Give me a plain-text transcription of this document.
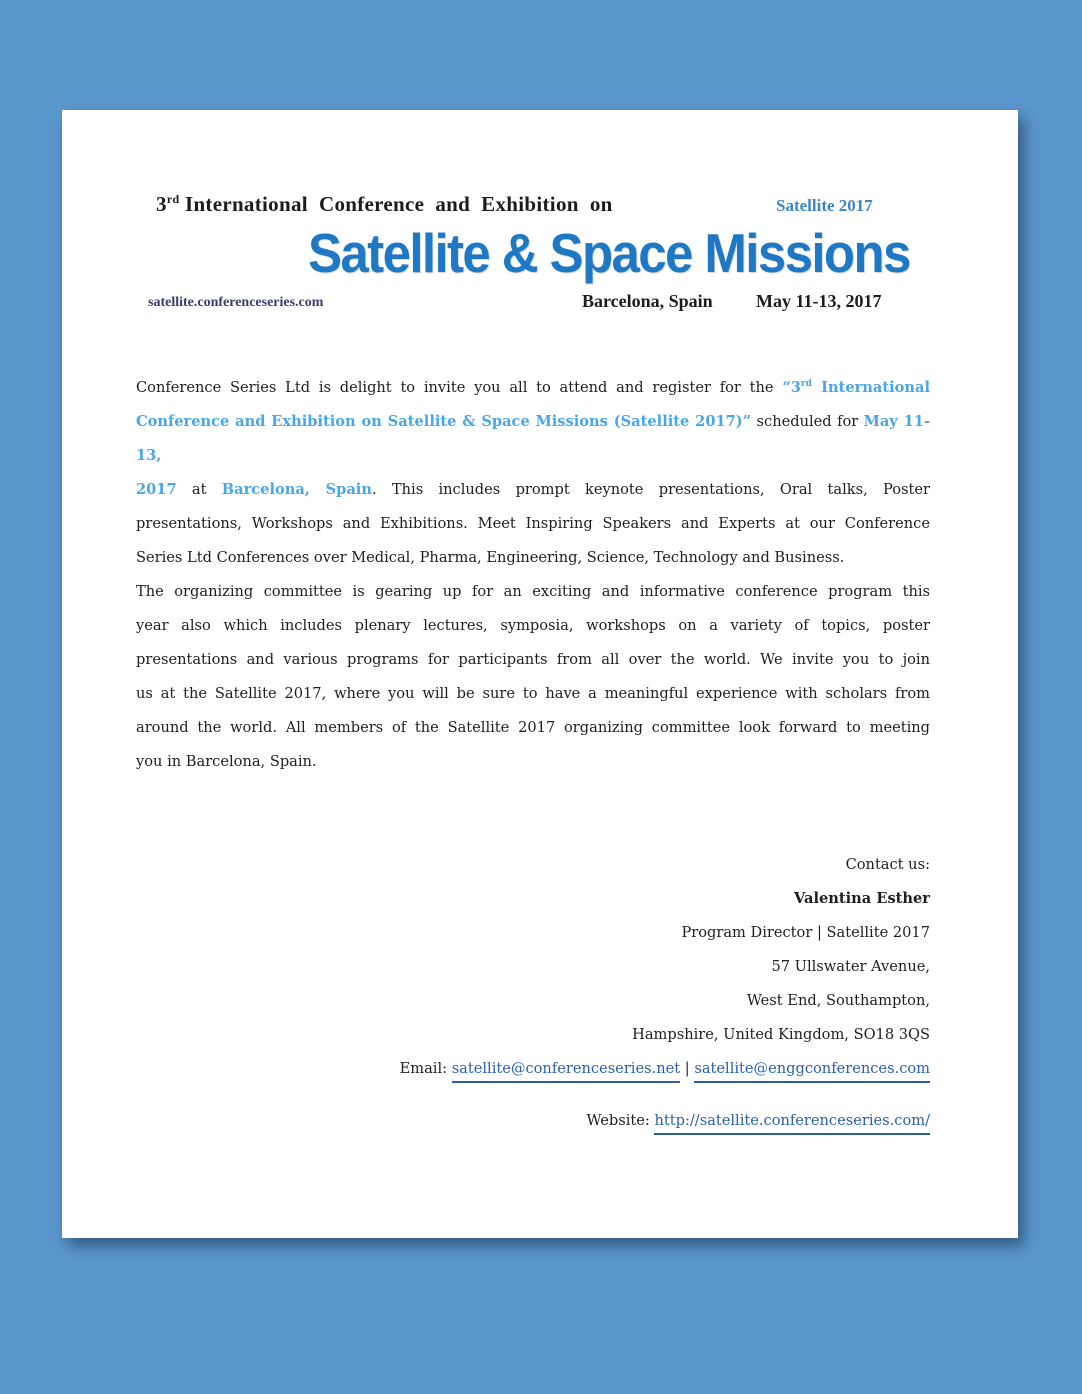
3rd International  Conference  and  Exhibition  on	Satellite 2017
Satellite & Space Missions
satellite.conferenceseries.com	Barcelona, Spain May 11-13, 2017
Conference Series Ltd is delight to invite you all to attend and register for the “3rd International
Conference and Exhibition on Satellite & Space Missions (Satellite 2017)” scheduled for May 11-13,
2017 at Barcelona, Spain. This includes prompt keynote presentations, Oral talks, Poster
presentations, Workshops and Exhibitions. Meet Inspiring Speakers and Experts at our Conference
Series Ltd Conferences over Medical, Pharma, Engineering, Science, Technology and Business.
The organizing committee is gearing up for an exciting and informative conference program this
year also which includes plenary lectures, symposia, workshops on a variety of topics, poster
presentations and various programs for participants from all over the world. We invite you to join
us at the Satellite 2017, where you will be sure to have a meaningful experience with scholars from
around the world. All members of the Satellite 2017 organizing committee look forward to meeting
you in Barcelona, Spain.
Contact us:
Valentina Esther
Program Director | Satellite 2017
57 Ullswater Avenue,
West End, Southampton,
Hampshire, United Kingdom, SO18 3QS
Email: satellite@conferenceseries.net | satellite@enggconferences.com
Website: http://satellite.conferenceseries.com/
